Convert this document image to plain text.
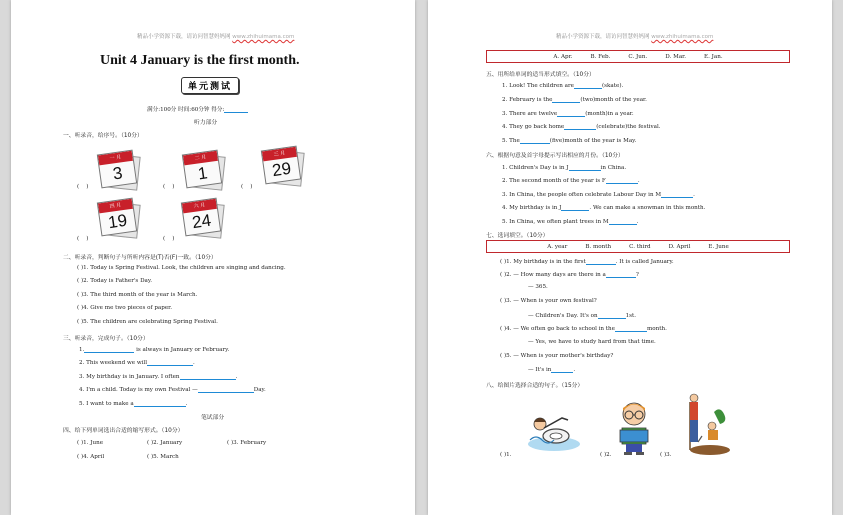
精品小学资源下载，请访问智慧妈妈网 www.zhihuimama.com
Unit 4 January is the first month.
单元测试
满分:100分 时间:60分钟 得分:
听力部分
一、听录音，给序号。（10分）
一 月
3
二 月
1
三 月
29
(    )	(    )	(    )
四 月
19
六 月
24
(    )	(    )
二、听录音，判断句子与所听内容是(T)否(F)一致。（10分）
( )1. Today is Spring Festival. Look, the children are singing and dancing.
( )2. Today is Father's Day.
( )3. The third month of the year is March.
( )4. Give me two pieces of paper.
( )5. The children are celebrating Spring Festival.
三、听录音，完成句子。（10分）
1.	is always in January or February.
2. This weekend we will	.
3. My birthday is in January. I often	.
4. I'm a child. Today is my own Festival —	Day.
5. I want to make a	.
笔试部分
四、给下列单词选出合适的缩写形式。（10分）
( )1. June	( )2. January	( )3. February
( )4. April	( )5. March
精品小学资源下载，请访问智慧妈妈网 www.zhihuimama.com
A. Apr.	B. Feb.	C. Jun.	D. Mar.	E. Jan.
五、用所给单词的适当形式填空。（10分）
1. Look! The children are	(skate).
2. February is the	(two)month of the year.
3. There are twelve	(month)in a year.
4. They go back home	(celebrate)the festival.
5. The	(five)month of the year is May.
六、根据句意及首字母提示写出相应的月份。（10分）
1. Children's Day is in J	in China.
2. The second month of the year is F	.
3. In China, the people often celebrate Labour Day in M	.
4. My birthday is in J	. We can make a snowman in this month.
5. In China, we often plant trees in M	.
七、选词填空。（10分）
A. year	B. month	C. third	D. April	E. June
( )1. My birthday is in the first	. It is called January.
( )2. — How many days are there in a	?
— 365.
( )3. — When is your own festival?
— Children's Day. It's on	1st.
( )4. — We often go back to school in the	month.
— Yes, we have to study hard from that time.
( )5. — When is your mother's birthday?
— It's in	.
八、给图片选择合适的句子。（15分）
( )1.	( )2.	( )3.
